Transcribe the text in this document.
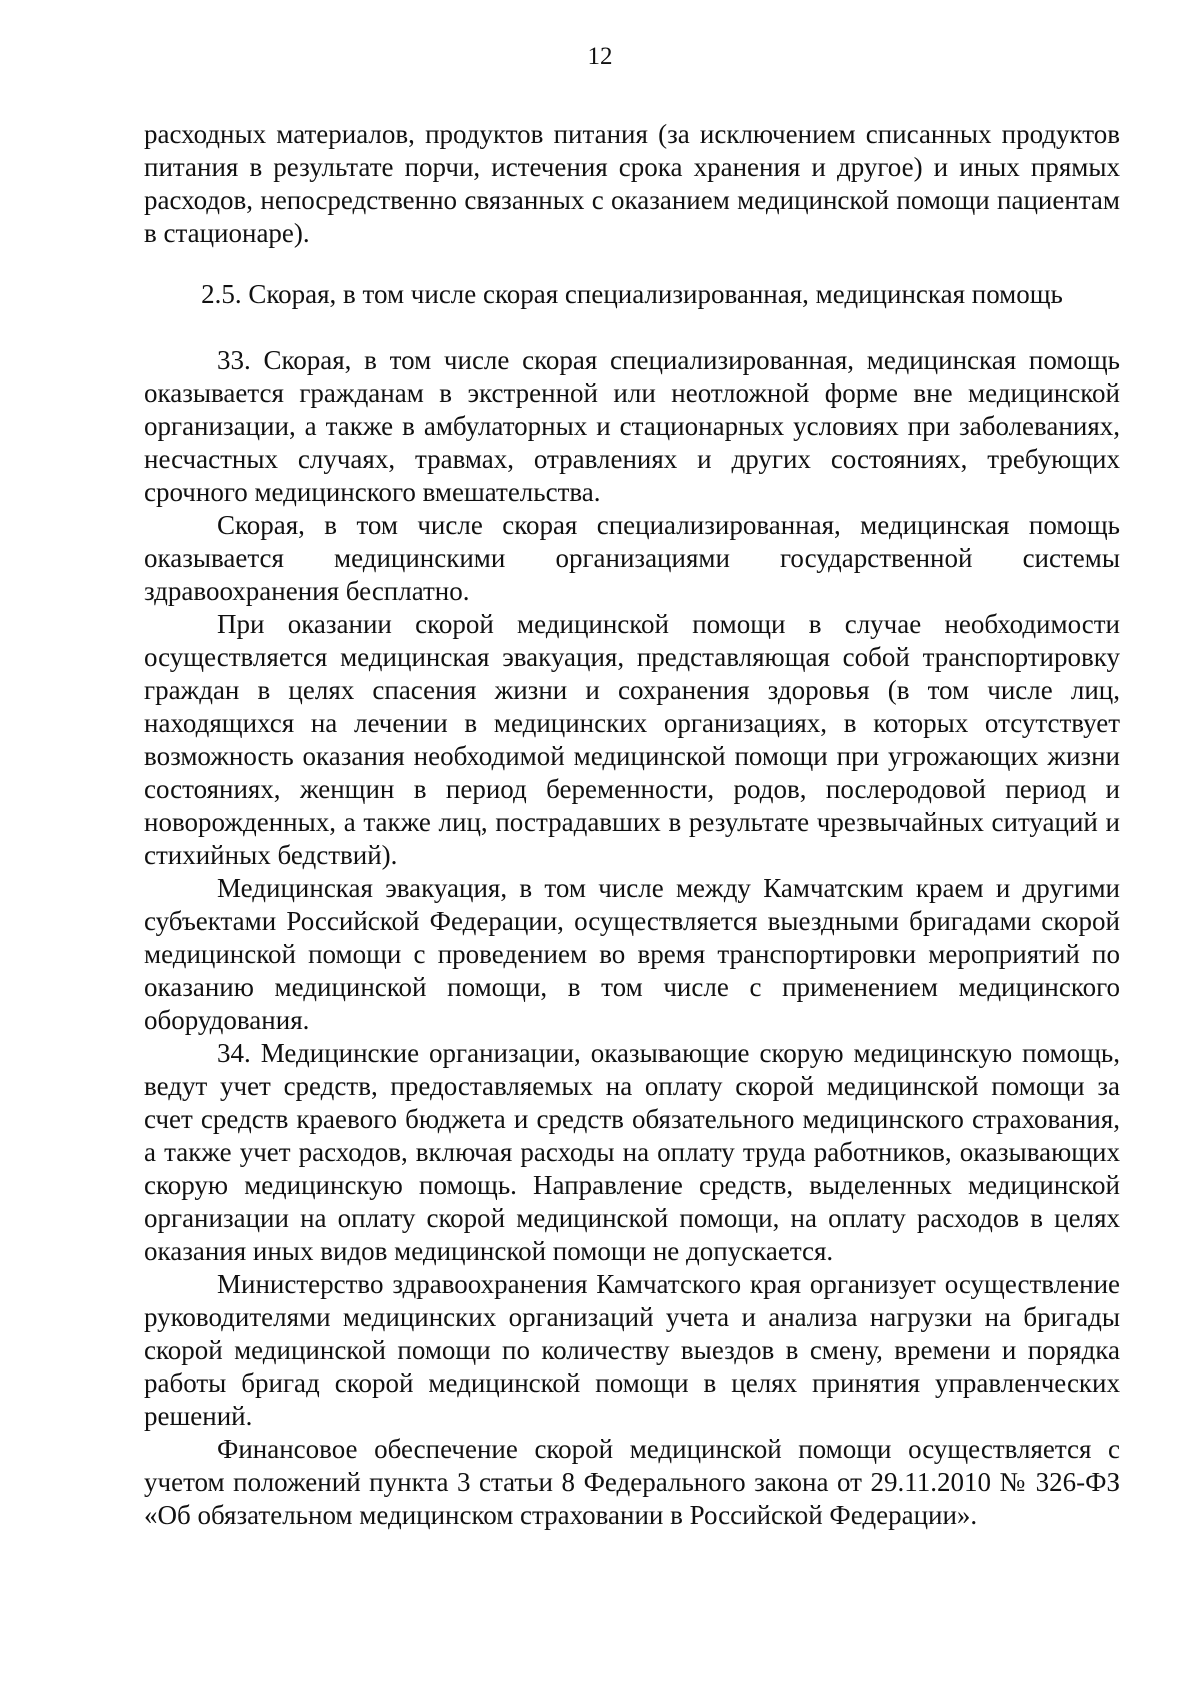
12

расходных материалов, продуктов питания (за исключением списанных продуктов питания в результате порчи, истечения срока хранения и другое) и иных прямых расходов, непосредственно связанных с оказанием медицинской помощи пациентам в стационаре).

2.5. Скорая, в том числе скорая специализированная, медицинская помощь

33. Скорая, в том числе скорая специализированная, медицинская помощь оказывается гражданам в экстренной или неотложной форме вне медицинской организации, а также в амбулаторных и стационарных условиях при заболеваниях, несчастных случаях, травмах, отравлениях и других состояниях, требующих срочного медицинского вмешательства.

Скорая, в том числе скорая специализированная, медицинская помощь оказывается медицинскими организациями государственной системы здравоохранения бесплатно.

При оказании скорой медицинской помощи в случае необходимости осуществляется медицинская эвакуация, представляющая собой транспортировку граждан в целях спасения жизни и сохранения здоровья (в том числе лиц, находящихся на лечении в медицинских организациях, в которых отсутствует возможность оказания необходимой медицинской помощи при угрожающих жизни состояниях, женщин в период беременности, родов, послеродовой период и новорожденных, а также лиц, пострадавших в результате чрезвычайных ситуаций и стихийных бедствий).

Медицинская эвакуация, в том числе между Камчатским краем и другими субъектами Российской Федерации, осуществляется выездными бригадами скорой медицинской помощи с проведением во время транспортировки мероприятий по оказанию медицинской помощи, в том числе с применением медицинского оборудования.

34. Медицинские организации, оказывающие скорую медицинскую помощь, ведут учет средств, предоставляемых на оплату скорой медицинской помощи за счет средств краевого бюджета и средств обязательного медицинского страхования, а также учет расходов, включая расходы на оплату труда работников, оказывающих скорую медицинскую помощь. Направление средств, выделенных медицинской организации на оплату скорой медицинской помощи, на оплату расходов в целях оказания иных видов медицинской помощи не допускается.

Министерство здравоохранения Камчатского края организует осуществление руководителями медицинских организаций учета и анализа нагрузки на бригады скорой медицинской помощи по количеству выездов в смену, времени и порядка работы бригад скорой медицинской помощи в целях принятия управленческих решений.

Финансовое обеспечение скорой медицинской помощи осуществляется с учетом положений пункта 3 статьи 8 Федерального закона от 29.11.2010 № 326-ФЗ «Об обязательном медицинском страховании в Российской Федерации».
